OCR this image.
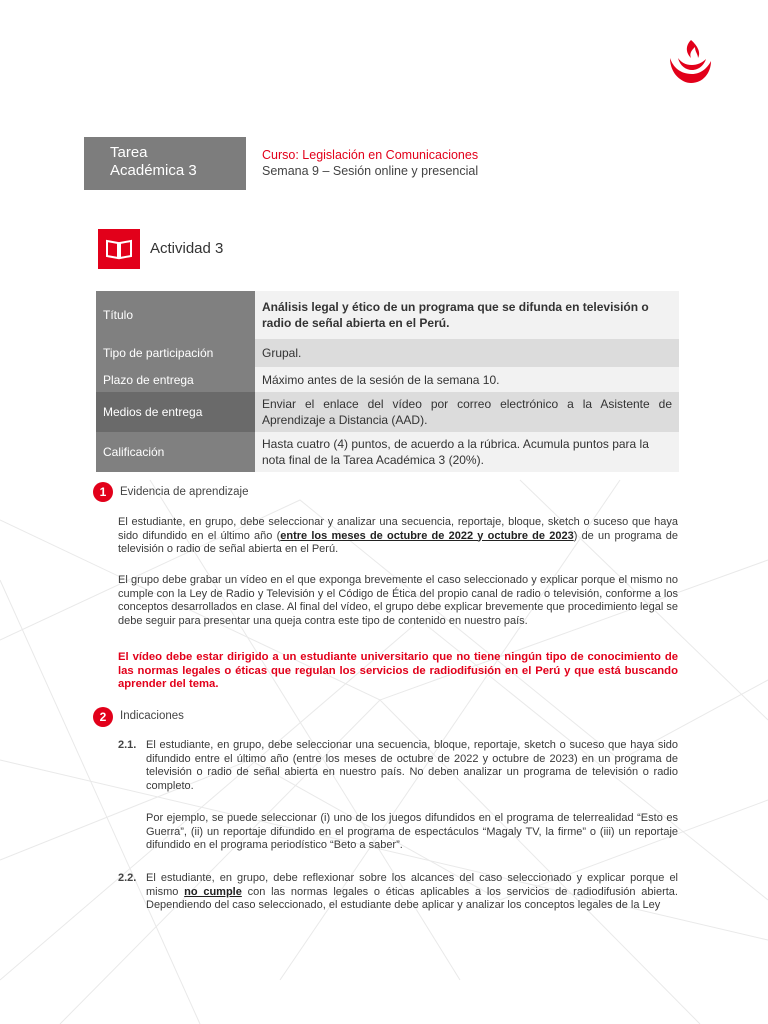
Tarea
Académica 3
Curso: Legislación en Comunicaciones
Semana 9 – Sesión online y presencial
Actividad 3
Título	Análisis legal y ético de un programa que se difunda en televisión o radio de señal abierta en el Perú.
Tipo de participación	Grupal.
Plazo de entrega	Máximo antes de la sesión de la semana 10.
Medios de entrega	Enviar el enlace del vídeo por correo electrónico a la Asistente de Aprendizaje a Distancia (AAD).
Calificación	Hasta cuatro (4) puntos, de acuerdo a la rúbrica. Acumula puntos para la nota final de la Tarea Académica 3 (20%).
1	Evidencia de aprendizaje
El estudiante, en grupo, debe seleccionar y analizar una secuencia, reportaje, bloque, sketch o suceso que haya sido difundido en el último año (entre los meses de octubre de 2022 y octubre de 2023) de un programa de televisión o radio de señal abierta en el Perú.
El grupo debe grabar un vídeo en el que exponga brevemente el caso seleccionado y explicar porque el mismo no cumple con la Ley de Radio y Televisión y el Código de Ética del propio canal de radio o televisión, conforme a los conceptos desarrollados en clase. Al final del vídeo, el grupo debe explicar brevemente que procedimiento legal se debe seguir para presentar una queja contra este tipo de contenido en nuestro país.
El vídeo debe estar dirigido a un estudiante universitario que no tiene ningún tipo de conocimiento de las normas legales o éticas que regulan los servicios de radiodifusión en el Perú y que está buscando aprender del tema.
2	Indicaciones
2.1. El estudiante, en grupo, debe seleccionar una secuencia, bloque, reportaje, sketch o suceso que haya sido difundido entre el último año (entre los meses de octubre de 2022 y octubre de 2023) en un programa de televisión o radio de señal abierta en nuestro país. No deben analizar un programa de televisión o radio completo.
Por ejemplo, se puede seleccionar (i) uno de los juegos difundidos en el programa de telerrealidad “Esto es Guerra”, (ii) un reportaje difundido en el programa de espectáculos “Magaly TV, la firme” o (iii) un reportaje difundido en el programa periodístico “Beto a saber”.
2.2. El estudiante, en grupo, debe reflexionar sobre los alcances del caso seleccionado y explicar porque el mismo no cumple con las normas legales o éticas aplicables a los servicios de radiodifusión abierta. Dependiendo del caso seleccionado, el estudiante debe aplicar y analizar los conceptos legales de la Ley
